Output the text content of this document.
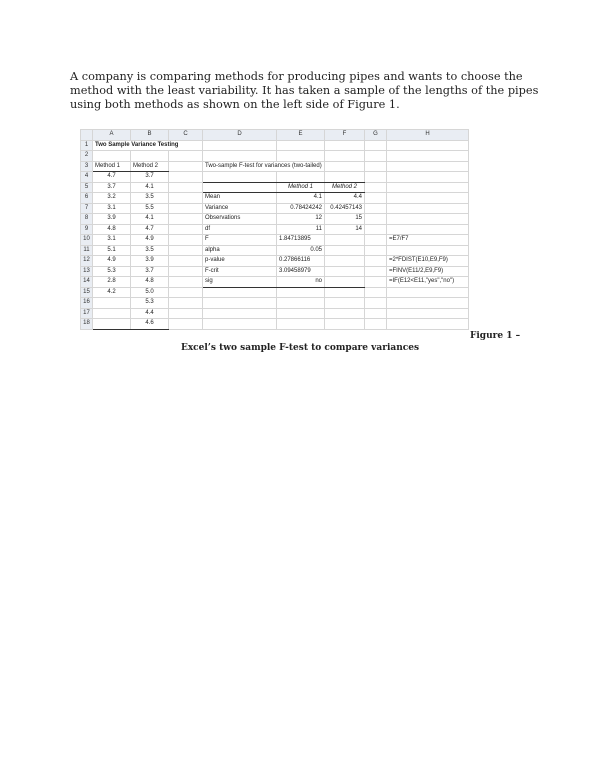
A company is comparing methods for producing pipes and wants to choose the method with the least variability. It has taken a sample of the lengths of the pipes using both methods as shown on the left side of Figure 1.

	A	B	C	D	E	F	G	H
1	Two Sample Variance Testing							
2								
3	Method 1	Method 2		Two-sample F-test for variances (two-tailed)				
4	4.7	3.7						
5	3.7	4.1			Method 1	Method 2		
6	3.2	3.5		Mean	4.1	4.4		
7	3.1	5.5		Variance	0.78424242	0.42457143		
8	3.9	4.1		Observations	12	15		
9	4.8	4.7		df	11	14		
10	3.1	4.9		F	1.84713895			=E7/F7
11	5.1	3.5		alpha	0.05			
12	4.9	3.9		p-value	0.27866116			=2*FDIST(E10,E9,F9)
13	5.3	3.7		F-crit	3.09458979			=FINV(E11/2,E9,F9)
14	2.8	4.8		sig	no			=IF(E12<E11,"yes","no")
15	4.2	5.0						
16		5.3						
17		4.4						
18		4.6						

Figure 1 –

Excel’s two sample F-test to compare variances
